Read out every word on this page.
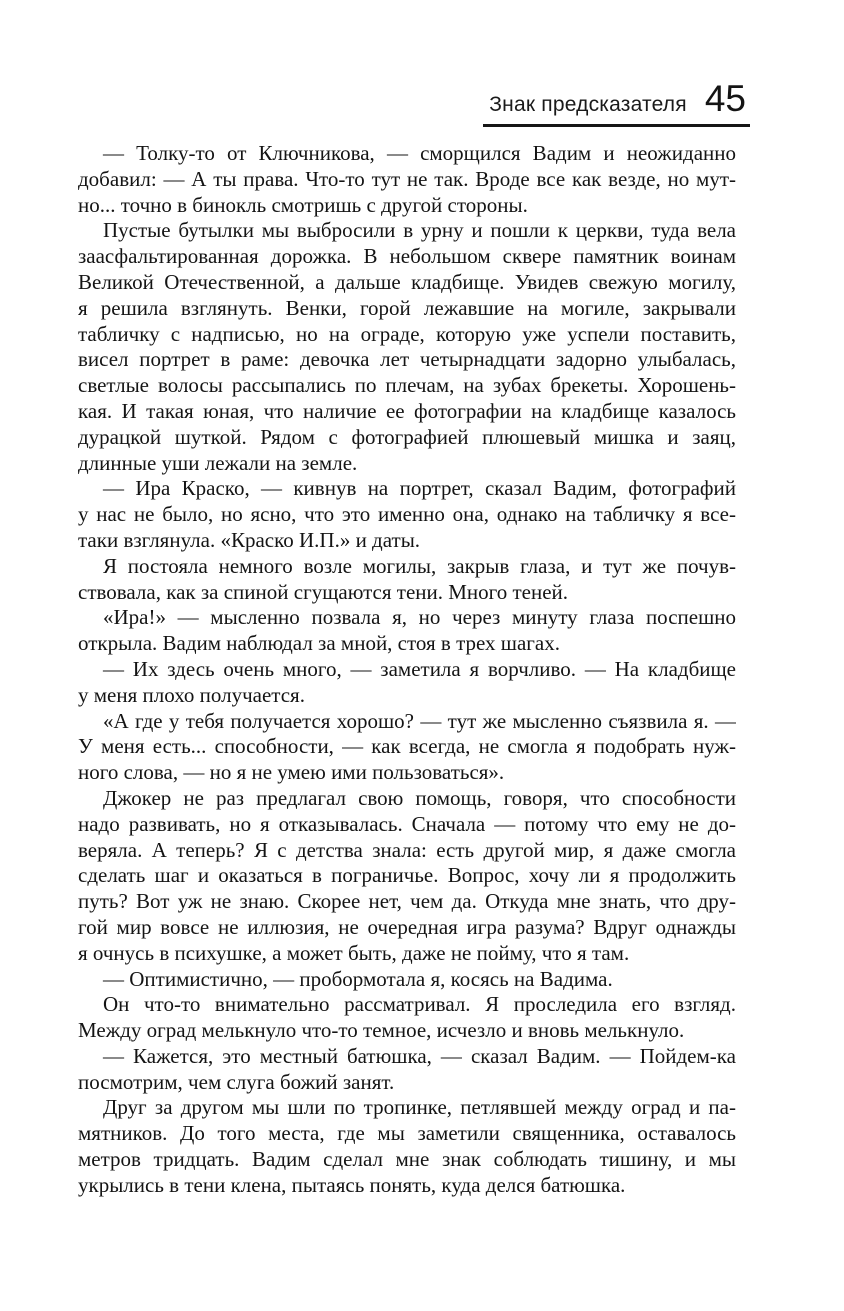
Знак предсказателя 45
— Толку-то от Ключникова, — сморщился Вадим и неожиданно
добавил: — А ты права. Что-то тут не так. Вроде все как везде, но мут-
но... точно в бинокль смотришь с другой стороны.
Пустые бутылки мы выбросили в урну и пошли к церкви, туда вела
заасфальтированная дорожка. В небольшом сквере памятник воинам
Великой Отечественной, а дальше кладбище. Увидев свежую могилу,
я решила взглянуть. Венки, горой лежавшие на могиле, закрывали
табличку с надписью, но на ограде, которую уже успели поставить,
висел портрет в раме: девочка лет четырнадцати задорно улыбалась,
светлые волосы рассыпались по плечам, на зубах брекеты. Хорошень-
кая. И такая юная, что наличие ее фотографии на кладбище казалось
дурацкой шуткой. Рядом с фотографией плюшевый мишка и заяц,
длинные уши лежали на земле.
— Ира Краско, — кивнув на портрет, сказал Вадим, фотографий
у нас не было, но ясно, что это именно она, однако на табличку я все-
таки взглянула. «Краско И.П.» и даты.
Я постояла немного возле могилы, закрыв глаза, и тут же почув-
ствовала, как за спиной сгущаются тени. Много теней.
«Ира!» — мысленно позвала я, но через минуту глаза поспешно
открыла. Вадим наблюдал за мной, стоя в трех шагах.
— Их здесь очень много, — заметила я ворчливо. — На кладбище
у меня плохо получается.
«А где у тебя получается хорошо? — тут же мысленно съязвила я. —
У меня есть... способности, — как всегда, не смогла я подобрать нуж-
ного слова, — но я не умею ими пользоваться».
Джокер не раз предлагал свою помощь, говоря, что способности
надо развивать, но я отказывалась. Сначала — потому что ему не до-
веряла. А теперь? Я с детства знала: есть другой мир, я даже смогла
сделать шаг и оказаться в пограничье. Вопрос, хочу ли я продолжить
путь? Вот уж не знаю. Скорее нет, чем да. Откуда мне знать, что дру-
гой мир вовсе не иллюзия, не очередная игра разума? Вдруг однажды
я очнусь в психушке, а может быть, даже не пойму, что я там.
— Оптимистично, — пробормотала я, косясь на Вадима.
Он что-то внимательно рассматривал. Я проследила его взгляд.
Между оград мелькнуло что-то темное, исчезло и вновь мелькнуло.
— Кажется, это местный батюшка, — сказал Вадим. — Пойдем-ка
посмотрим, чем слуга божий занят.
Друг за другом мы шли по тропинке, петлявшей между оград и па-
мятников. До того места, где мы заметили священника, оставалось
метров тридцать. Вадим сделал мне знак соблюдать тишину, и мы
укрылись в тени клена, пытаясь понять, куда делся батюшка.
